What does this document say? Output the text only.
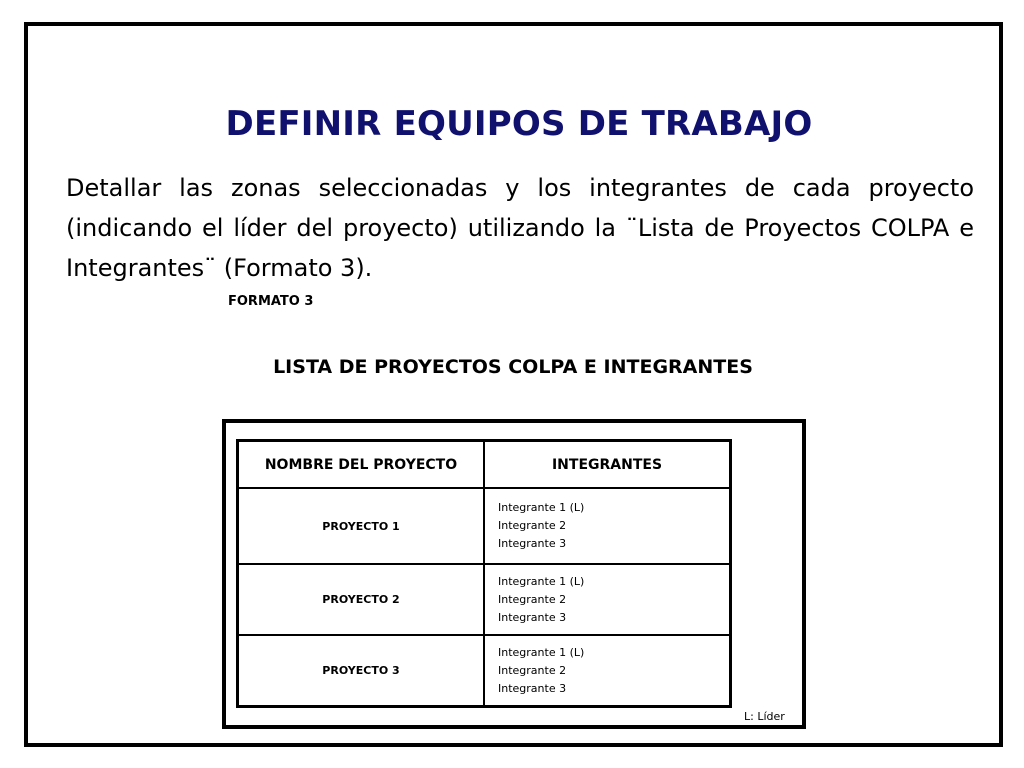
DEFINIR EQUIPOS DE TRABAJO

Detallar las zonas seleccionadas y los integrantes de cada proyecto (indicando el líder del proyecto) utilizando la ¨Lista de Proyectos COLPA e Integrantes¨ (Formato 3).

FORMATO 3

LISTA DE PROYECTOS COLPA E INTEGRANTES
NOMBRE DEL PROYECTO	INTEGRANTES
PROYECTO 1	Integrante 1 (L)
Integrante 2
Integrante 3

PROYECTO 2	Integrante 1 (L)
Integrante 2
Integrante 3

PROYECTO 3	Integrante 1 (L)
Integrante 2
Integrante 3

L: Líder
